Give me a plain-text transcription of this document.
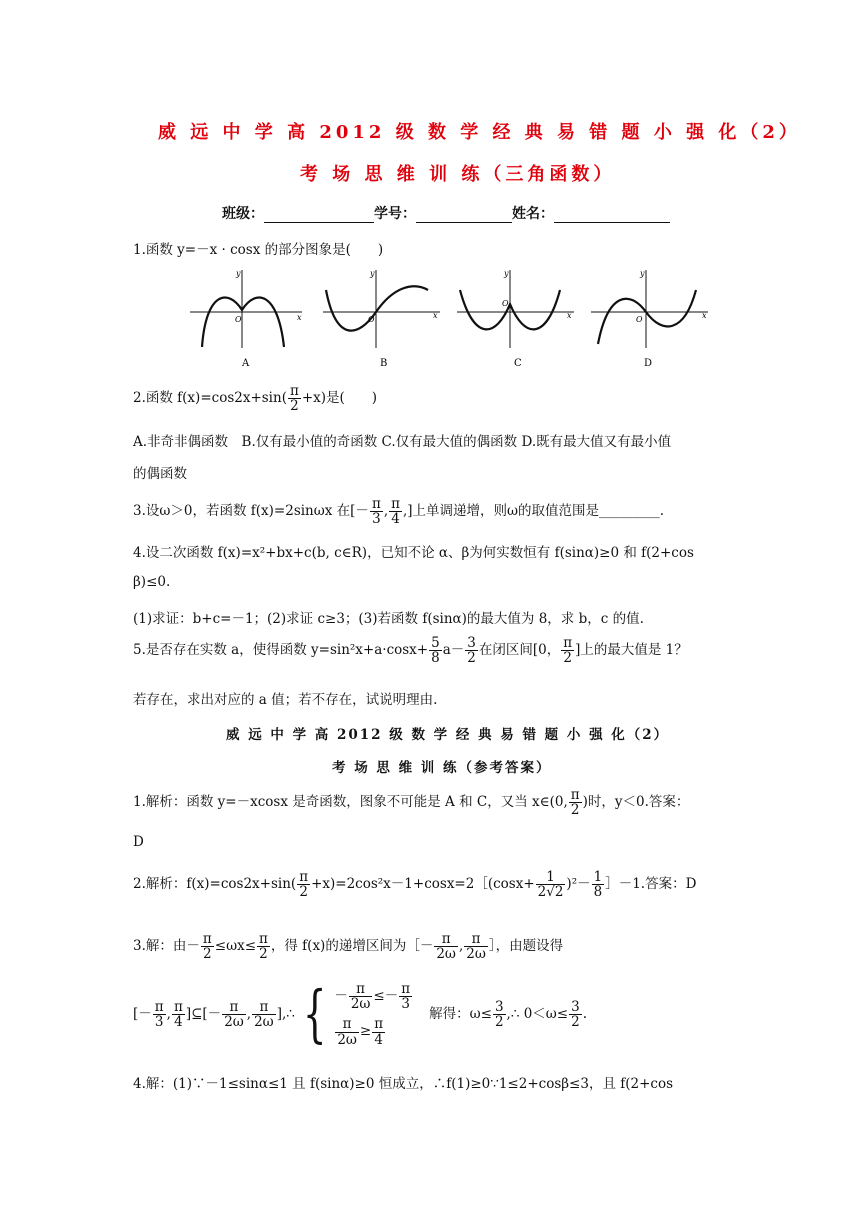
威 远 中 学 高 2012 级 数 学 经 典 易 错 题 小 强 化（2）
考 场 思 维 训 练（三角函数）
班级：	学号：	姓名：
1.函数 y=－x · cosx 的部分图象是(　　)
y
x
O
A
y
x
O
B
y
x
O
C
y
x
O
D
2.函数 $f(x)=\cos 2x+\sin( \frac{\pi}{2} +x)$是(　　)
A.非奇非偶函数　B.仅有最小值的奇函数 C.仅有最大值的偶函数 D.既有最大值又有最小值
的偶函数
3.设ω＞0，若函数 f(x)=2sinωx 在[－ $\frac{\pi}{3}$ , $\frac{\pi}{4}$ ,]上单调递增，则ω的取值范围是_________.
4.设二次函数 f(x)=x²+bx+c(b, c∈R)，已知不论 α、β为何实数恒有 f(sinα)≥0 和 f(2+cos
β)≤0.
(1)求证：b+c=－1；(2)求证 c≥3；(3)若函数 f(sinα)的最大值为 8，求 b，c 的值.
5.是否存在实数 a，使得函数 $y=\sin^2x+a\cdot\cos x+ \frac{5}{8} a- \frac{3}{2}$ 在闭区间[0， $\frac{\pi}{2}$ ]上的最大值是 1？
若存在，求出对应的 a 值；若不存在，试说明理由.
威 远 中 学 高 2012 级 数 学 经 典 易 错 题 小 强 化（2）
考 场 思 维 训 练（参考答案）
1.解析：函数 y=－xcosx 是奇函数，图象不可能是 A 和 C，又当 x∈(0, $\frac{\pi}{2}$ )时，y＜0.答案：
D
2.解析：$f(x)=\cos 2x+\sin( \frac{\pi}{2}$ +x)=2cos²x－1+cosx=2［(cosx+ $\frac{1}{2√2} )^2- \frac{1}{8}$ ］－1.答案：D
3.解：由－ $\frac{\pi}{2} \le\omega x\le \frac{\pi}{2}$ ，得 f(x)的递增区间为［－ $\frac{\pi}{2\omega}$ , $\frac{\pi}{2\omega}$ ］，由题设得
[－ $\frac{\pi}{3}$ , $\frac{\pi}{4}$ ]⊆[－ $\frac{\pi}{2\omega}$ , $\frac{\pi}{2\omega}$ ],∴ { － $\frac{\pi}{2\omega} \le- \frac{\pi}{3}$
$\frac{\pi}{2\omega} \ge \frac{\pi}{4}$
解得：$\omega\le \frac{3}{2}$ ,∴ $0<\omega\le \frac{3}{2}$ .
4.解：(1)∵－1≤sinα≤1 且 f(sinα)≥0 恒成立，∴f(1)≥0∵1≤2+cosβ≤3，且 f(2+cos
